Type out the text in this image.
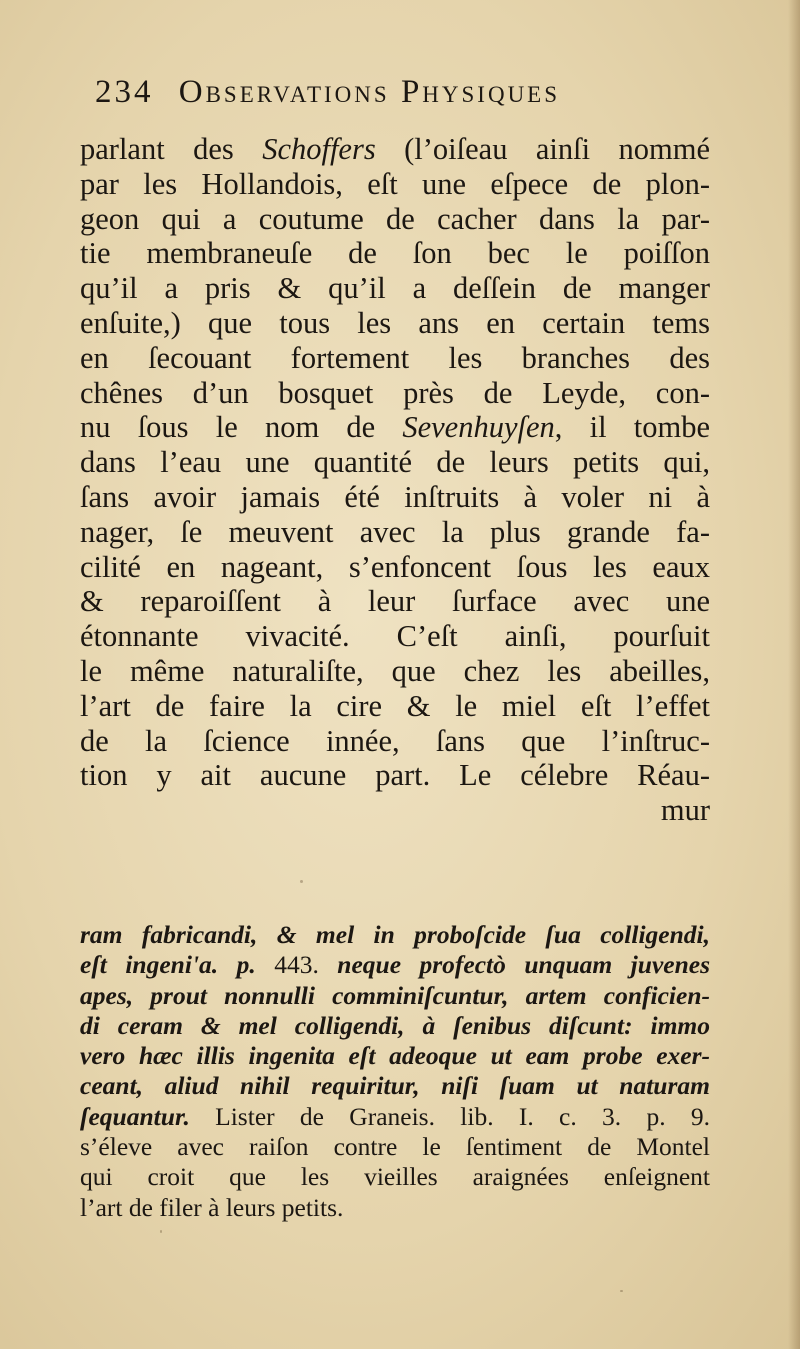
234 Observations Physiques
parlant des Schoffers (l’oiſeau ainſi nommé
par les Hollandois, eſt une eſpece de plon-
geon qui a coutume de cacher dans la par-
tie membraneuſe de ſon bec le poiſſon
qu’il a pris & qu’il a deſſein de manger
enſuite,) que tous les ans en certain tems
en ſecouant fortement les branches des
chênes d’un bosquet près de Leyde, con-
nu ſous le nom de Sevenhuyſen, il tombe
dans l’eau une quantité de leurs petits qui,
ſans avoir jamais été inſtruits à voler ni à
nager, ſe meuvent avec la plus grande fa-
cilité en nageant, s’enfoncent ſous les eaux
& reparoiſſent à leur ſurface avec une
étonnante vivacité. C’eſt ainſi, pourſuit
le même naturaliſte, que chez les abeilles,
l’art de faire la cire & le miel eſt l’effet
de la ſcience innée, ſans que l’inſtruc-
tion y ait aucune part. Le célebre Réau-
mur
ram fabricandi, & mel in proboſcide ſua colligendi,
eſt ingeni'a. p. 443. neque profectò unquam juvenes
apes, prout nonnulli comminiſcuntur, artem conficien-
di ceram & mel colligendi, à ſenibus diſcunt: immo
vero hæc illis ingenita eſt adeoque ut eam probe exer-
ceant, aliud nihil requiritur, niſi ſuam ut naturam
ſequantur. Lister de Graneis. lib. I. c. 3. p. 9.
s’éleve avec raiſon contre le ſentiment de Montel
qui croit que les vieilles araignées enſeignent
l’art de filer à leurs petits.
